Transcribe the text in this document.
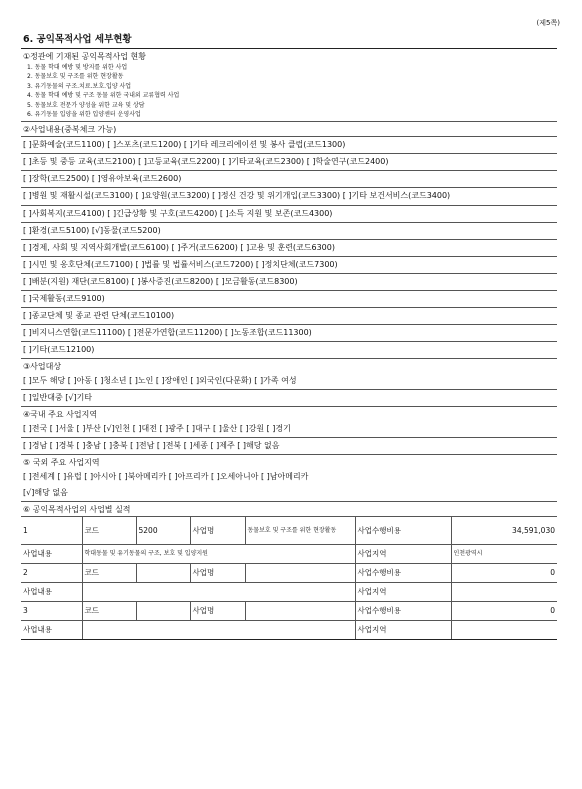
(제5쪽)
6. 공익목적사업 세부현황
①정관에 기재된 공익목적사업 현황
1. 동물 학대 예방 및 방지를 위한 사업
2. 동물보호 및 구조를 위한 현장활동
3. 유기동물의 구조.치료.보호.입양 사업
4. 동물 학대 예방 및 구조 동물 위한 국내외 교류협력 사업
5. 동물보호 전문가 양성을 위한 교육 및 상담
6. 유기동물 입양을 위한 입양센터 운영사업
②사업내용(중복체크 가능)
[ ]문화예술(코드1100) [ ]스포츠(코드1200) [ ]기타 레크리에이션 및 봉사 클럽(코드1300)
[ ]초등 및 중등 교육(코드2100) [ ]고등교육(코드2200) [ ]기타교육(코드2300) [ ]학술연구(코드2400)
[ ]장학(코드2500) [ ]영유아보육(코드2600)
[ ]병원 및 재활시설(코드3100) [ ]요양원(코드3200) [ ]정신 건강 및 위기개입(코드3300) [ ]기타 보건서비스(코드3400)
[ ]사회복지(코드4100) [ ]긴급상황 및 구호(코드4200) [ ]소득 지원 및 보존(코드4300)
[ ]환경(코드5100) [√]동물(코드5200)
[ ]경제, 사회 및 지역사회개발(코드6100) [ ]주거(코드6200) [ ]고용 및 훈련(코드6300)
[ ]시민 및 옹호단체(코드7100) [ ]법률 및 법률서비스(코드7200) [ ]정치단체(코드7300)
[ ]배분(지원) 재단(코드8100) [ ]봉사증진(코드8200) [ ]모금활동(코드8300)
[ ]국제활동(코드9100)
[ ]종교단체 및 종교 관련 단체(코드10100)
[ ]비지니스연합(코드11100) [ ]전문가연합(코드11200) [ ]노동조합(코드11300)
[ ]기타(코드12100)
③사업대상
[ ]모두 해당 [ ]아동 [ ]청소년 [ ]노인 [ ]장애인 [ ]외국인(다문화) [ ]가족 여성
[ ]일반대중 [√]기타
④국내 주요 사업지역
[ ]전국 [ ]서울 [ ]부산 [√]인천 [ ]대전 [ ]광주 [ ]대구 [ ]울산 [ ]강원 [ ]경기
[ ]경남 [ ]경북 [ ]충남 [ ]충북 [ ]전남 [ ]전북 [ ]세종 [ ]제주 [ ]해당 없음
⑤ 국외 주요 사업지역
[ ]전세계 [ ]유럽 [ ]아시아 [ ]북아메리카 [ ]아프리카 [ ]오세아니아 [ ]남아메리카
[√]해당 없음
⑥ 공익목적사업의 사업별 실적
1	코드	5200	사업명	동물보호 및 구조를 위한 현장활동	사업수행비용	34,591,030
사업내용	학대동물 및 유기동물의 구조, 보호 및 입양지원				사업지역	인천광역시
2	코드		사업명		사업수행비용	0
사업내용					사업지역	
3	코드		사업명		사업수행비용	0
사업내용					사업지역	
